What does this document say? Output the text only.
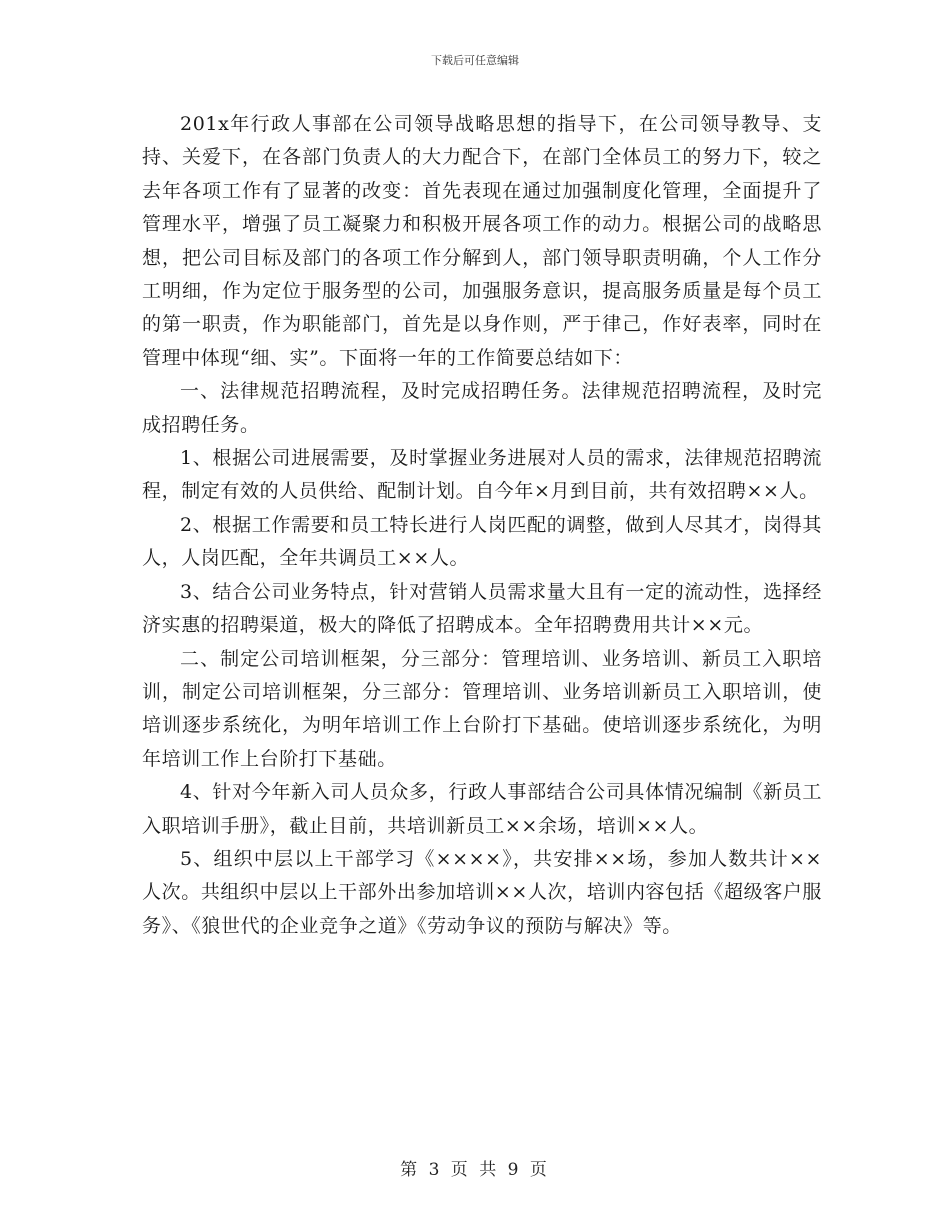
下载后可任意编辑

201x年行政人事部在公司领导战略思想的指导下，在公司领导教导、支持、关爱下，在各部门负责人的大力配合下，在部门全体员工的努力下，较之去年各项工作有了显著的改变：首先表现在通过加强制度化管理，全面提升了管理水平，增强了员工凝聚力和积极开展各项工作的动力。根据公司的战略思想，把公司目标及部门的各项工作分解到人，部门领导职责明确，个人工作分工明细，作为定位于服务型的公司，加强服务意识，提高服务质量是每个员工的第一职责，作为职能部门，首先是以身作则，严于律己，作好表率，同时在管理中体现“细、实”。下面将一年的工作简要总结如下：

一、法律规范招聘流程，及时完成招聘任务。法律规范招聘流程，及时完成招聘任务。

1、根据公司进展需要，及时掌握业务进展对人员的需求，法律规范招聘流程，制定有效的人员供给、配制计划。自今年×月到目前，共有效招聘××人。

2、根据工作需要和员工特长进行人岗匹配的调整，做到人尽其才，岗得其人，人岗匹配，全年共调员工××人。

3、结合公司业务特点，针对营销人员需求量大且有一定的流动性，选择经济实惠的招聘渠道，极大的降低了招聘成本。全年招聘费用共计××元。

二、制定公司培训框架，分三部分：管理培训、业务培训、新员工入职培训，制定公司培训框架，分三部分：管理培训、业务培训新员工入职培训，使培训逐步系统化，为明年培训工作上台阶打下基础。使培训逐步系统化，为明年培训工作上台阶打下基础。

4、针对今年新入司人员众多，行政人事部结合公司具体情况编制《新员工入职培训手册》，截止目前，共培训新员工××余场，培训××人。

5、组织中层以上干部学习《××××》，共安排××场，参加人数共计××人次。共组织中层以上干部外出参加培训××人次，培训内容包括《超级客户服务》、《狼世代的企业竞争之道》《劳动争议的预防与解决》等。

第 3 页 共 9 页
